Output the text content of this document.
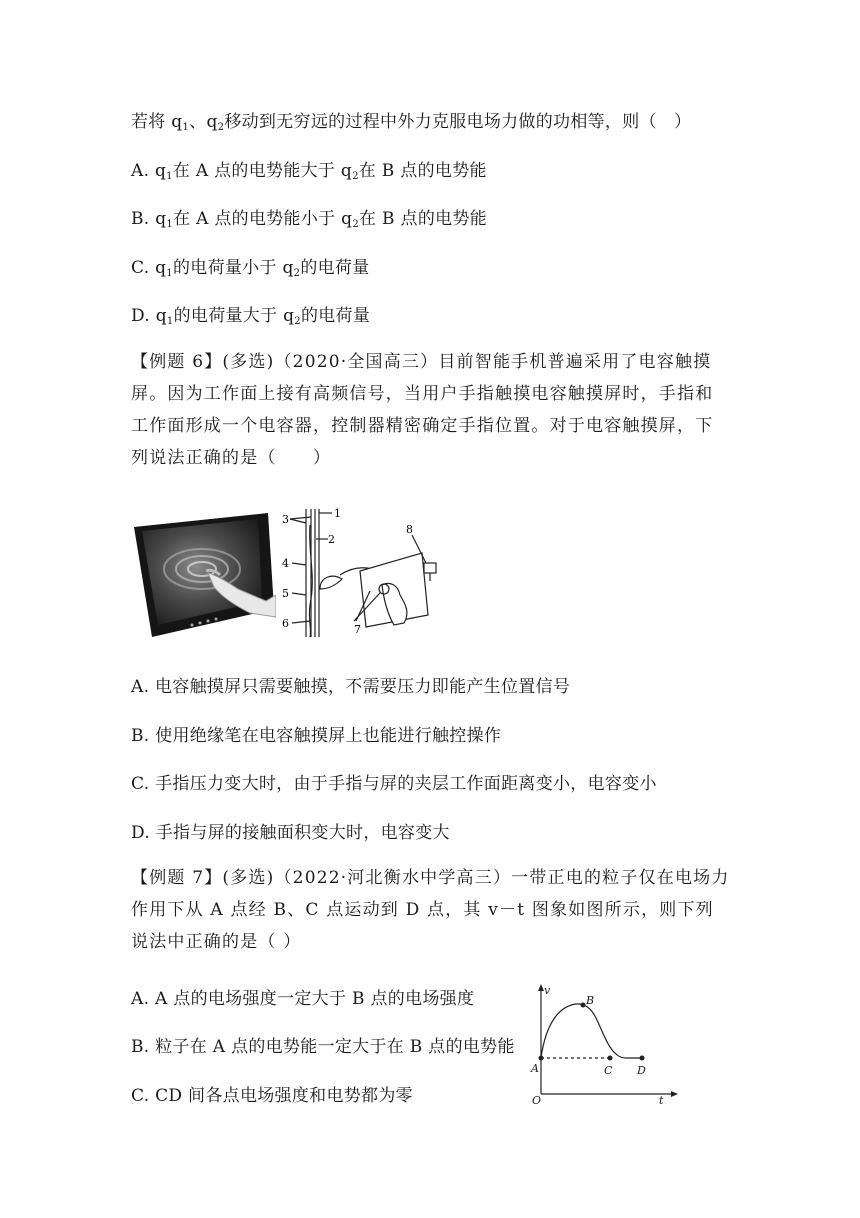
若将 $q_1$、$q_2$移动到无穷远的过程中外力克服电场力做的功相等，则（　）
A. $q_1$在 A 点的电势能大于 $q_2$在 B 点的电势能
B. $q_1$在 A 点的电势能小于 $q_2$在 B 点的电势能
C. $q_1$的电荷量小于 $q_2$的电荷量
D. $q_1$的电荷量大于 $q_2$的电荷量
【例题 6】(多选)（2020·全国高三）目前智能手机普遍采用了电容触摸屏。因为工作面上接有高频信号，当用户手指触摸电容触摸屏时，手指和工作面形成一个电容器，控制器精密确定手指位置。对于电容触摸屏，下列说法正确的是（　　）
3	1
2
4
5
6	7
8
A. 电容触摸屏只需要触摸，不需要压力即能产生位置信号
B. 使用绝缘笔在电容触摸屏上也能进行触控操作
C. 手指压力变大时，由于手指与屏的夹层工作面距离变小，电容变小
D. 手指与屏的接触面积变大时，电容变大
【例题 7】(多选)（2022·河北衡水中学高三）一带正电的粒子仅在电场力作用下从 A 点经 B、C 点运动到 D 点，其 v－t 图象如图所示，则下列说法中正确的是（ ）
A. A 点的电场强度一定大于 B 点的电场强度
B. 粒子在 A 点的电势能一定大于在 B 点的电势能
C. CD 间各点电场强度和电势都为零
v
t
O
A
B
C D
